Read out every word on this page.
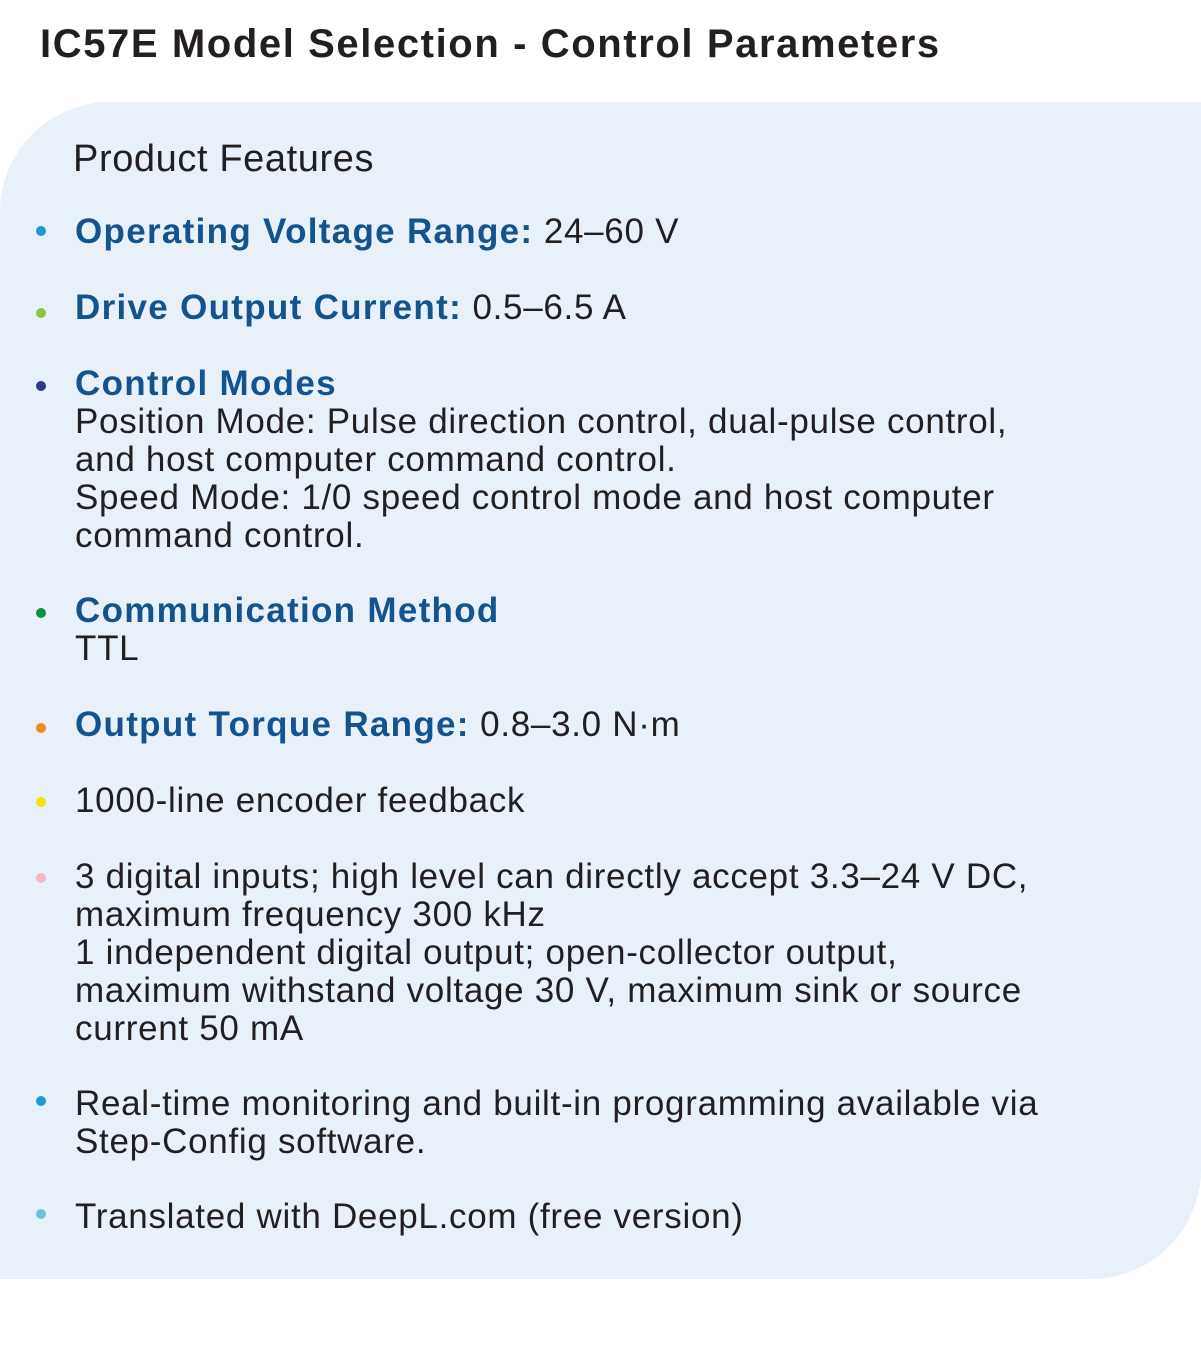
IC57E Model Selection - Control Parameters
Product Features
Operating Voltage Range: 24–60 V
Drive Output Current: 0.5–6.5 A
Control Modes
Position Mode: Pulse direction control, dual-pulse control,
and host computer command control.
Speed Mode: 1/0 speed control mode and host computer
command control.
Communication Method
TTL
Output Torque Range: 0.8–3.0 N·m
1000-line encoder feedback
3 digital inputs; high level can directly accept 3.3–24 V DC,
maximum frequency 300 kHz
1 independent digital output; open-collector output,
maximum withstand voltage 30 V, maximum sink or source
current 50 mA
Real-time monitoring and built-in programming available via
Step-Config software.
Translated with DeepL.com (free version)
